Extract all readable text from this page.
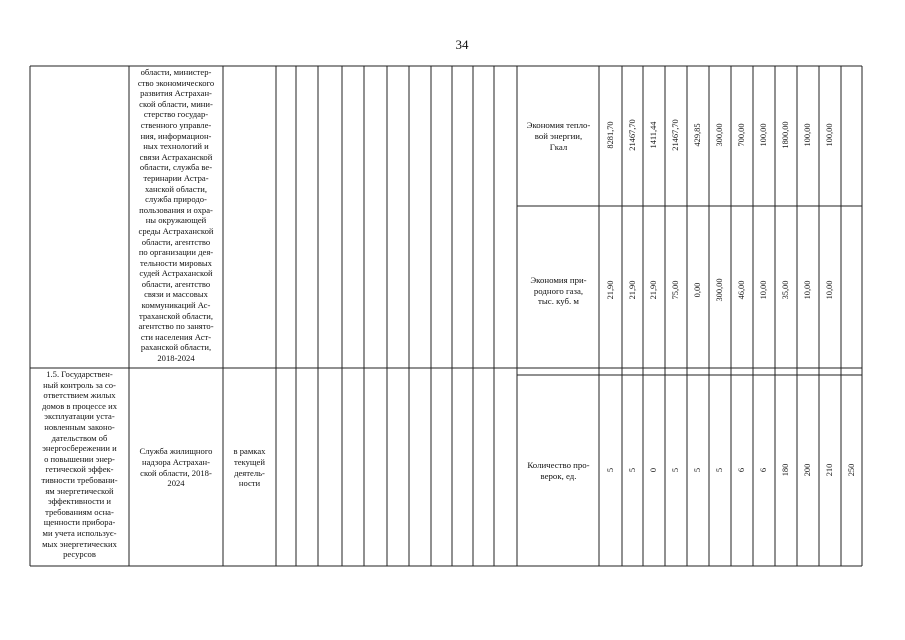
34
области, министер-
ство экономического
развития Астрахан-
ской области, мини-
стерство государ-
ственного управле-
ния, информацион-
ных технологий и
связи Астраханской
области, служба ве-
теринарии Астра-
ханской области,
служба природо-
пользования и охра-
ны окружающей
среды Астраханской
области, агентство
по организации дея-
тельности мировых
судей Астраханской
области, агентство
связи и массовых
коммуникаций Ас-
траханской области,
агентство по занято-
сти населения Аст-
раханской области,
2018-2024
Экономия тепло-
вой энергии,
Гкал
Экономия при-
родного газа,
тыс. куб. м
1.5. Государствен-
ный контроль за со-
ответствием жилых
домов в процессе их
эксплуатации уста-
новленным законо-
дательством об
энергосбережении и
о повышении энер-
гетической эффек-
тивности требовани-
ям энергетической
эффективности и
требованиям осна-
щенности прибора-
ми учета использує-
мых энергетических
ресурсов
Служба жилищного
надзора Астрахан-
ской области, 2018-
2024
в рамках
текущей
деятель-
ности
Количество про-
верок, ед.
8281,70 21467,70 1411,44 21467,70 429,85 300,00 700,00 100,00 1800,00 100,00 100,00
21,90 21,90 21,90 75,00 0,00 300,00 46,00 10,00 35,00 10,00 10,00
5 5 0 5 5 5 6 6 180 200 210 250
